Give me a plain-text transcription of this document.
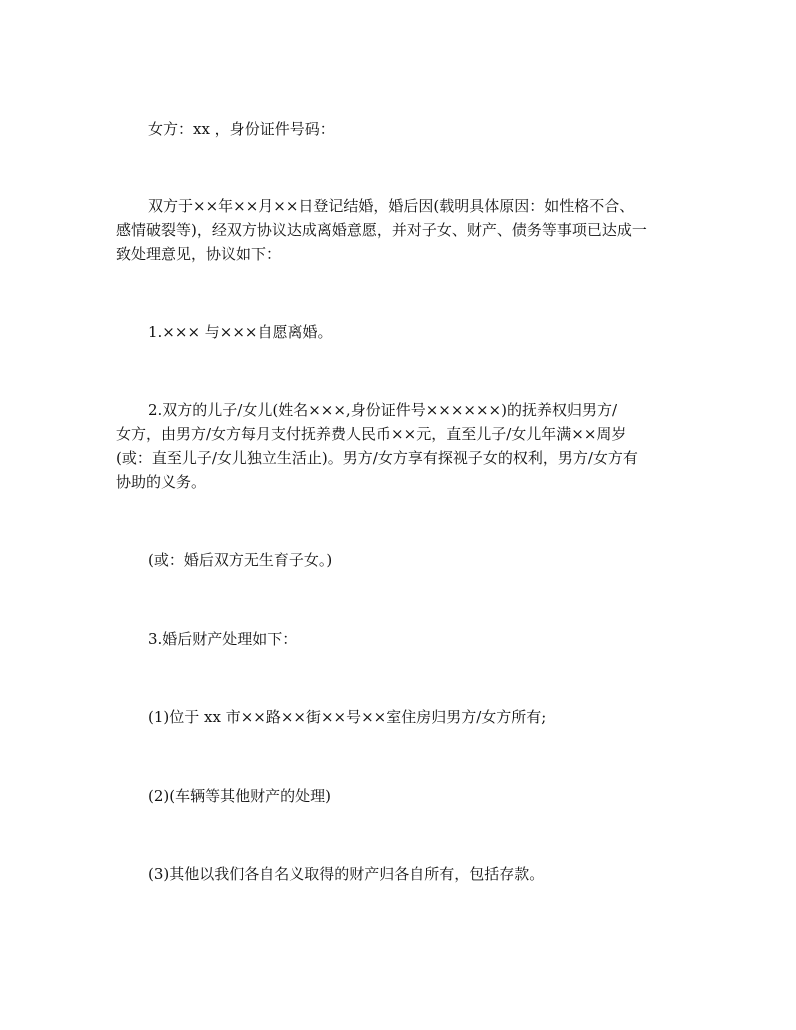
女方：xx ，身份证件号码：

双方于××年××月××日登记结婚，婚后因(载明具体原因：如性格不合、
感情破裂等)，经双方协议达成离婚意愿，并对子女、财产、债务等事项已达成一
致处理意见，协议如下：

1.××× 与×××自愿离婚。

2.双方的儿子/女儿(姓名×××,身份证件号××××××)的抚养权归男方/
女方，由男方/女方每月支付抚养费人民币××元，直至儿子/女儿年满××周岁
(或：直至儿子/女儿独立生活止)。男方/女方享有探视子女的权利，男方/女方有
协助的义务。

(或：婚后双方无生育子女。)

3.婚后财产处理如下：

(1)位于 xx 市××路××街××号××室住房归男方/女方所有;

(2)(车辆等其他财产的处理)

(3)其他以我们各自名义取得的财产归各自所有，包括存款。
